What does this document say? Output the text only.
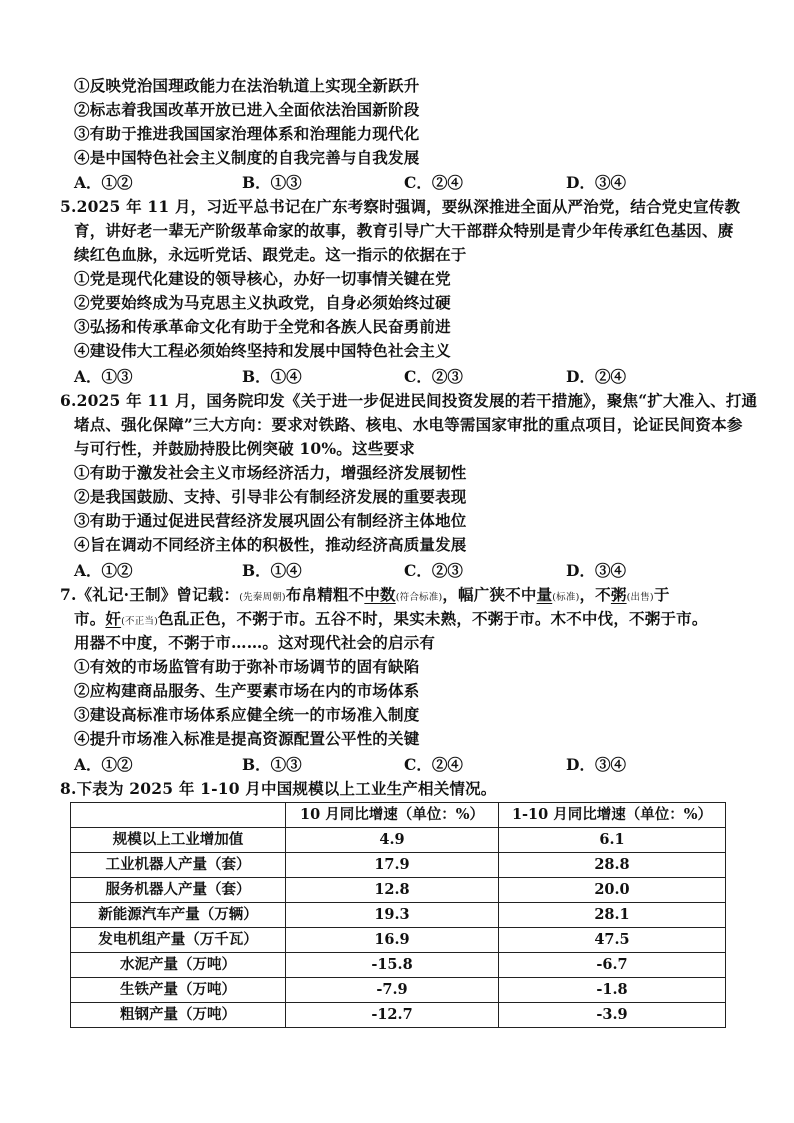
①反映党治国理政能力在法治轨道上实现全新跃升
②标志着我国改革开放已进入全面依法治国新阶段
③有助于推进我国国家治理体系和治理能力现代化
④是中国特色社会主义制度的自我完善与自我发展
A．①②	B．①③	C．②④	D．③④
5.2025 年 11 月，习近平总书记在广东考察时强调，要纵深推进全面从严治党，结合党史宣传教
育，讲好老一辈无产阶级革命家的故事，教育引导广大干部群众特别是青少年传承红色基因、赓
续红色血脉，永远听党话、跟党走。这一指示的依据在于
①党是现代化建设的领导核心，办好一切事情关键在党
②党要始终成为马克思主义执政党，自身必须始终过硬
③弘扬和传承革命文化有助于全党和各族人民奋勇前进
④建设伟大工程必须始终坚持和发展中国特色社会主义
A．①③	B．①④	C．②③	D．②④
6.2025 年 11 月，国务院印发《关于进一步促进民间投资发展的若干措施》，聚焦“扩大准入、打通
堵点、强化保障”三大方向：要求对铁路、核电、水电等需国家审批的重点项目，论证民间资本参
与可行性，并鼓励持股比例突破 10%。这些要求
①有助于激发社会主义市场经济活力，增强经济发展韧性
②是我国鼓励、支持、引导非公有制经济发展的重要表现
③有助于通过促进民营经济发展巩固公有制经济主体地位
④旨在调动不同经济主体的积极性，推动经济高质量发展
A．①②	B．①④	C．②③	D．③④
7.《礼记·王制》曾记载：(先秦周朝)布帛精粗不中数(符合标准)，幅广狭不中量(标准)，不粥(出售)于
市。奸(不正当)色乱正色，不粥于市。五谷不时，果实未熟，不粥于市。木不中伐，不粥于市。
用器不中度，不粥于市……。这对现代社会的启示有
①有效的市场监管有助于弥补市场调节的固有缺陷
②应构建商品服务、生产要素市场在内的市场体系
③建设高标准市场体系应健全统一的市场准入制度
④提升市场准入标准是提高资源配置公平性的关键
A．①②	B．①③	C．②④	D．③④
8.下表为 2025 年 1-10 月中国规模以上工业生产相关情况。
	10 月同比增速（单位：%）	1-10 月同比增速（单位：%）
规模以上工业增加值	4.9	6.1
工业机器人产量（套）	17.9	28.8
服务机器人产量（套）	12.8	20.0
新能源汽车产量（万辆）	19.3	28.1
发电机组产量（万千瓦）	16.9	47.5
水泥产量（万吨）	-15.8	-6.7
生铁产量（万吨）	-7.9	-1.8
粗钢产量（万吨）	-12.7	-3.9
